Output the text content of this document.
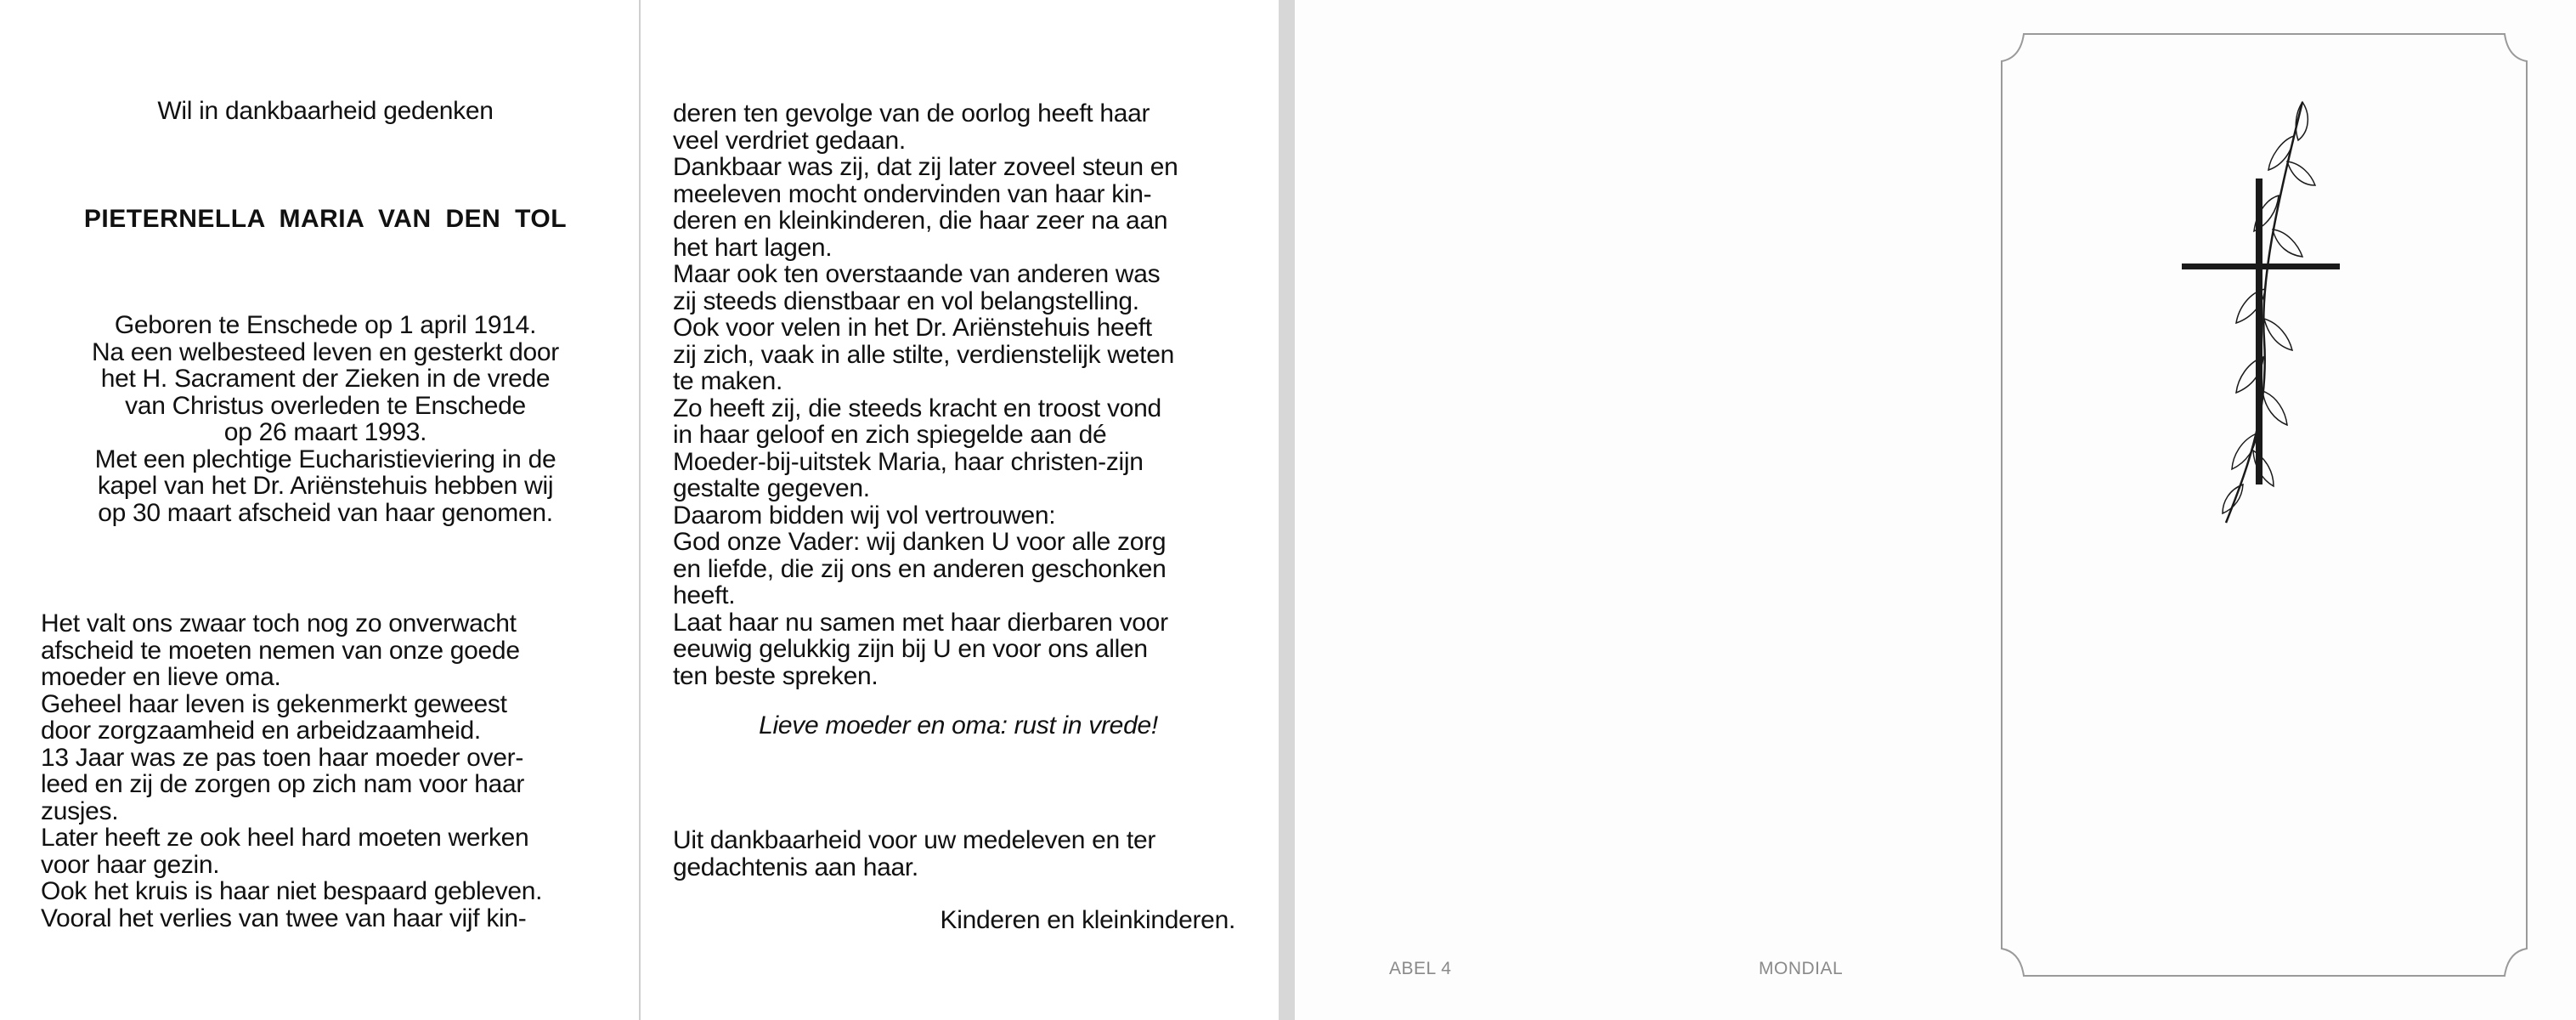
Wil in dankbaarheid gedenken

PIETERNELLA MARIA VAN DEN TOL

Geboren te Enschede op 1 april 1914.

Na een welbesteed leven en gesterkt door

het H. Sacrament der Zieken in de vrede

van Christus overleden te Enschede

op 26 maart 1993.

Met een plechtige Eucharistieviering in de

kapel van het Dr. Ariënstehuis hebben wij

op 30 maart afscheid van haar genomen.

Het valt ons zwaar toch nog zo onverwacht

afscheid te moeten nemen van onze goede

moeder en lieve oma.

Geheel haar leven is gekenmerkt geweest

door zorgzaamheid en arbeidzaamheid.

13 Jaar was ze pas toen haar moeder over-

leed en zij de zorgen op zich nam voor haar

zusjes.

Later heeft ze ook heel hard moeten werken

voor haar gezin.

Ook het kruis is haar niet bespaard gebleven.

Vooral het verlies van twee van haar vijf kin-

deren ten gevolge van de oorlog heeft haar

veel verdriet gedaan.

Dankbaar was zij, dat zij later zoveel steun en

meeleven mocht ondervinden van haar kin-

deren en kleinkinderen, die haar zeer na aan

het hart lagen.

Maar ook ten overstaande van anderen was

zij steeds dienstbaar en vol belangstelling.

Ook voor velen in het Dr. Ariënstehuis heeft

zij zich, vaak in alle stilte, verdienstelijk weten

te maken.

Zo heeft zij, die steeds kracht en troost vond

in haar geloof en zich spiegelde aan dé

Moeder-bij-uitstek Maria, haar christen-zijn

gestalte gegeven.

Daarom bidden wij vol vertrouwen:

God onze Vader: wij danken U voor alle zorg

en liefde, die zij ons en anderen geschonken

heeft.

Laat haar nu samen met haar dierbaren voor

eeuwig gelukkig zijn bij U en voor ons allen

ten beste spreken.

Lieve moeder en oma: rust in vrede!

Uit dankbaarheid voor uw medeleven en ter

gedachtenis aan haar.

Kinderen en kleinkinderen.

ABEL 4	MONDIAL
